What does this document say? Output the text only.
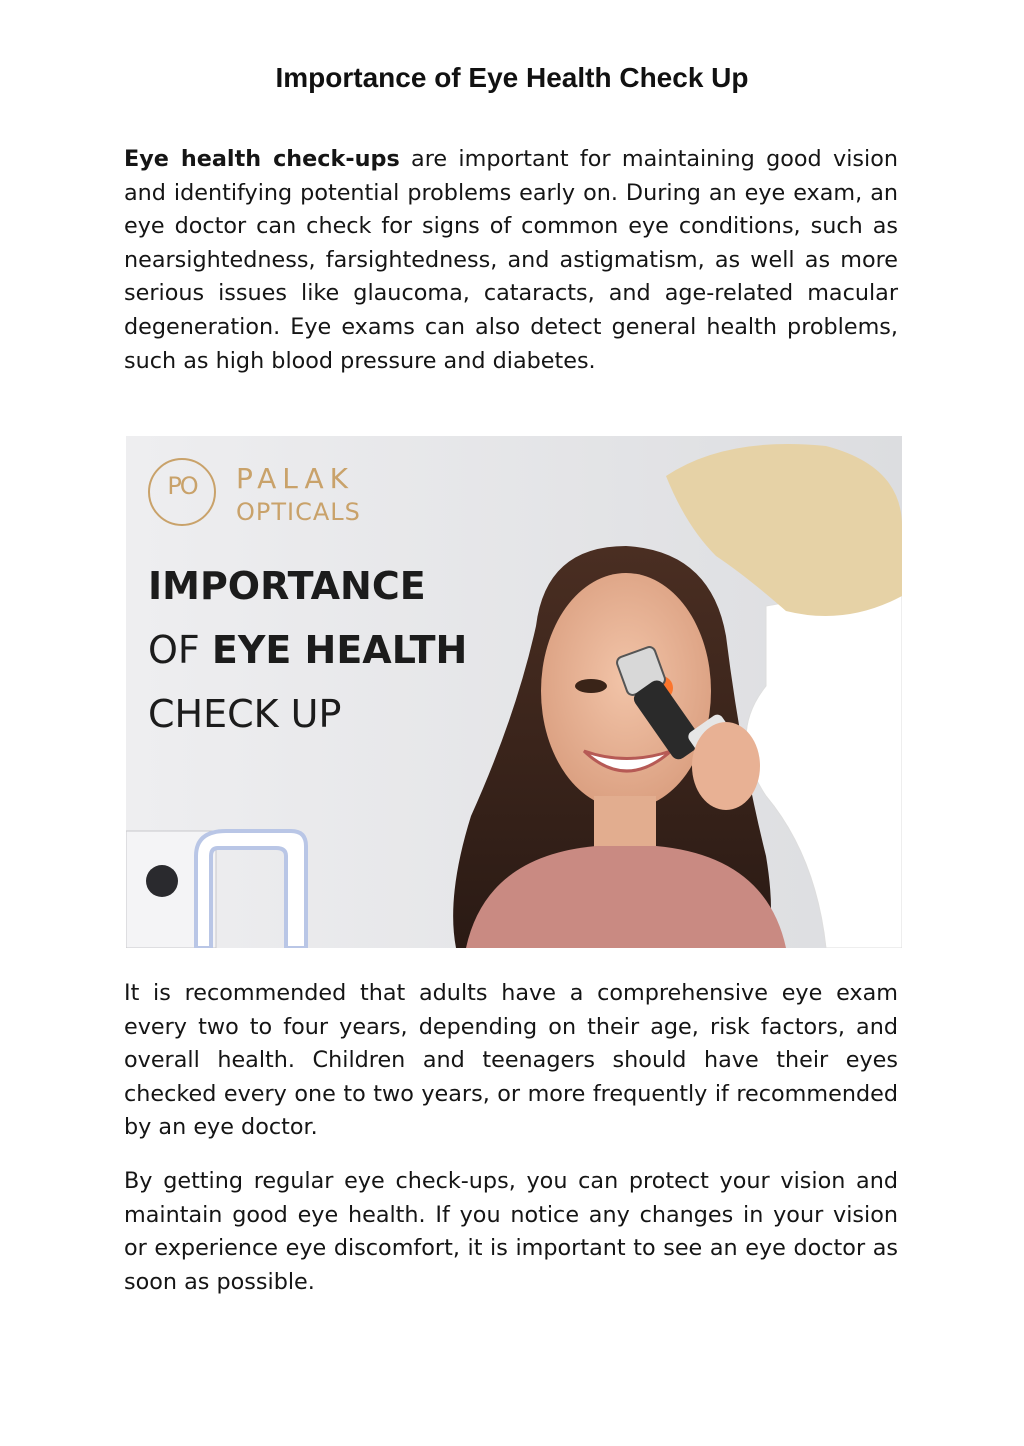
Importance of Eye Health Check Up

Eye health check-ups are important for maintaining good vision and identifying potential problems early on. During an eye exam, an eye doctor can check for signs of common eye conditions, such as nearsightedness, farsightedness, and astigmatism, as well as more serious issues like glaucoma, cataracts, and age-related macular degeneration. Eye exams can also detect general health problems, such as high blood pressure and diabetes.

PO	PALAK
OPTICALS
IMPORTANCE
OF EYE HEALTH
CHECK UP

It is recommended that adults have a comprehensive eye exam every two to four years, depending on their age, risk factors, and overall health. Children and teenagers should have their eyes checked every one to two years, or more frequently if recommended by an eye doctor.

By getting regular eye check-ups, you can protect your vision and maintain good eye health. If you notice any changes in your vision or experience eye discomfort, it is important to see an eye doctor as soon as possible.
